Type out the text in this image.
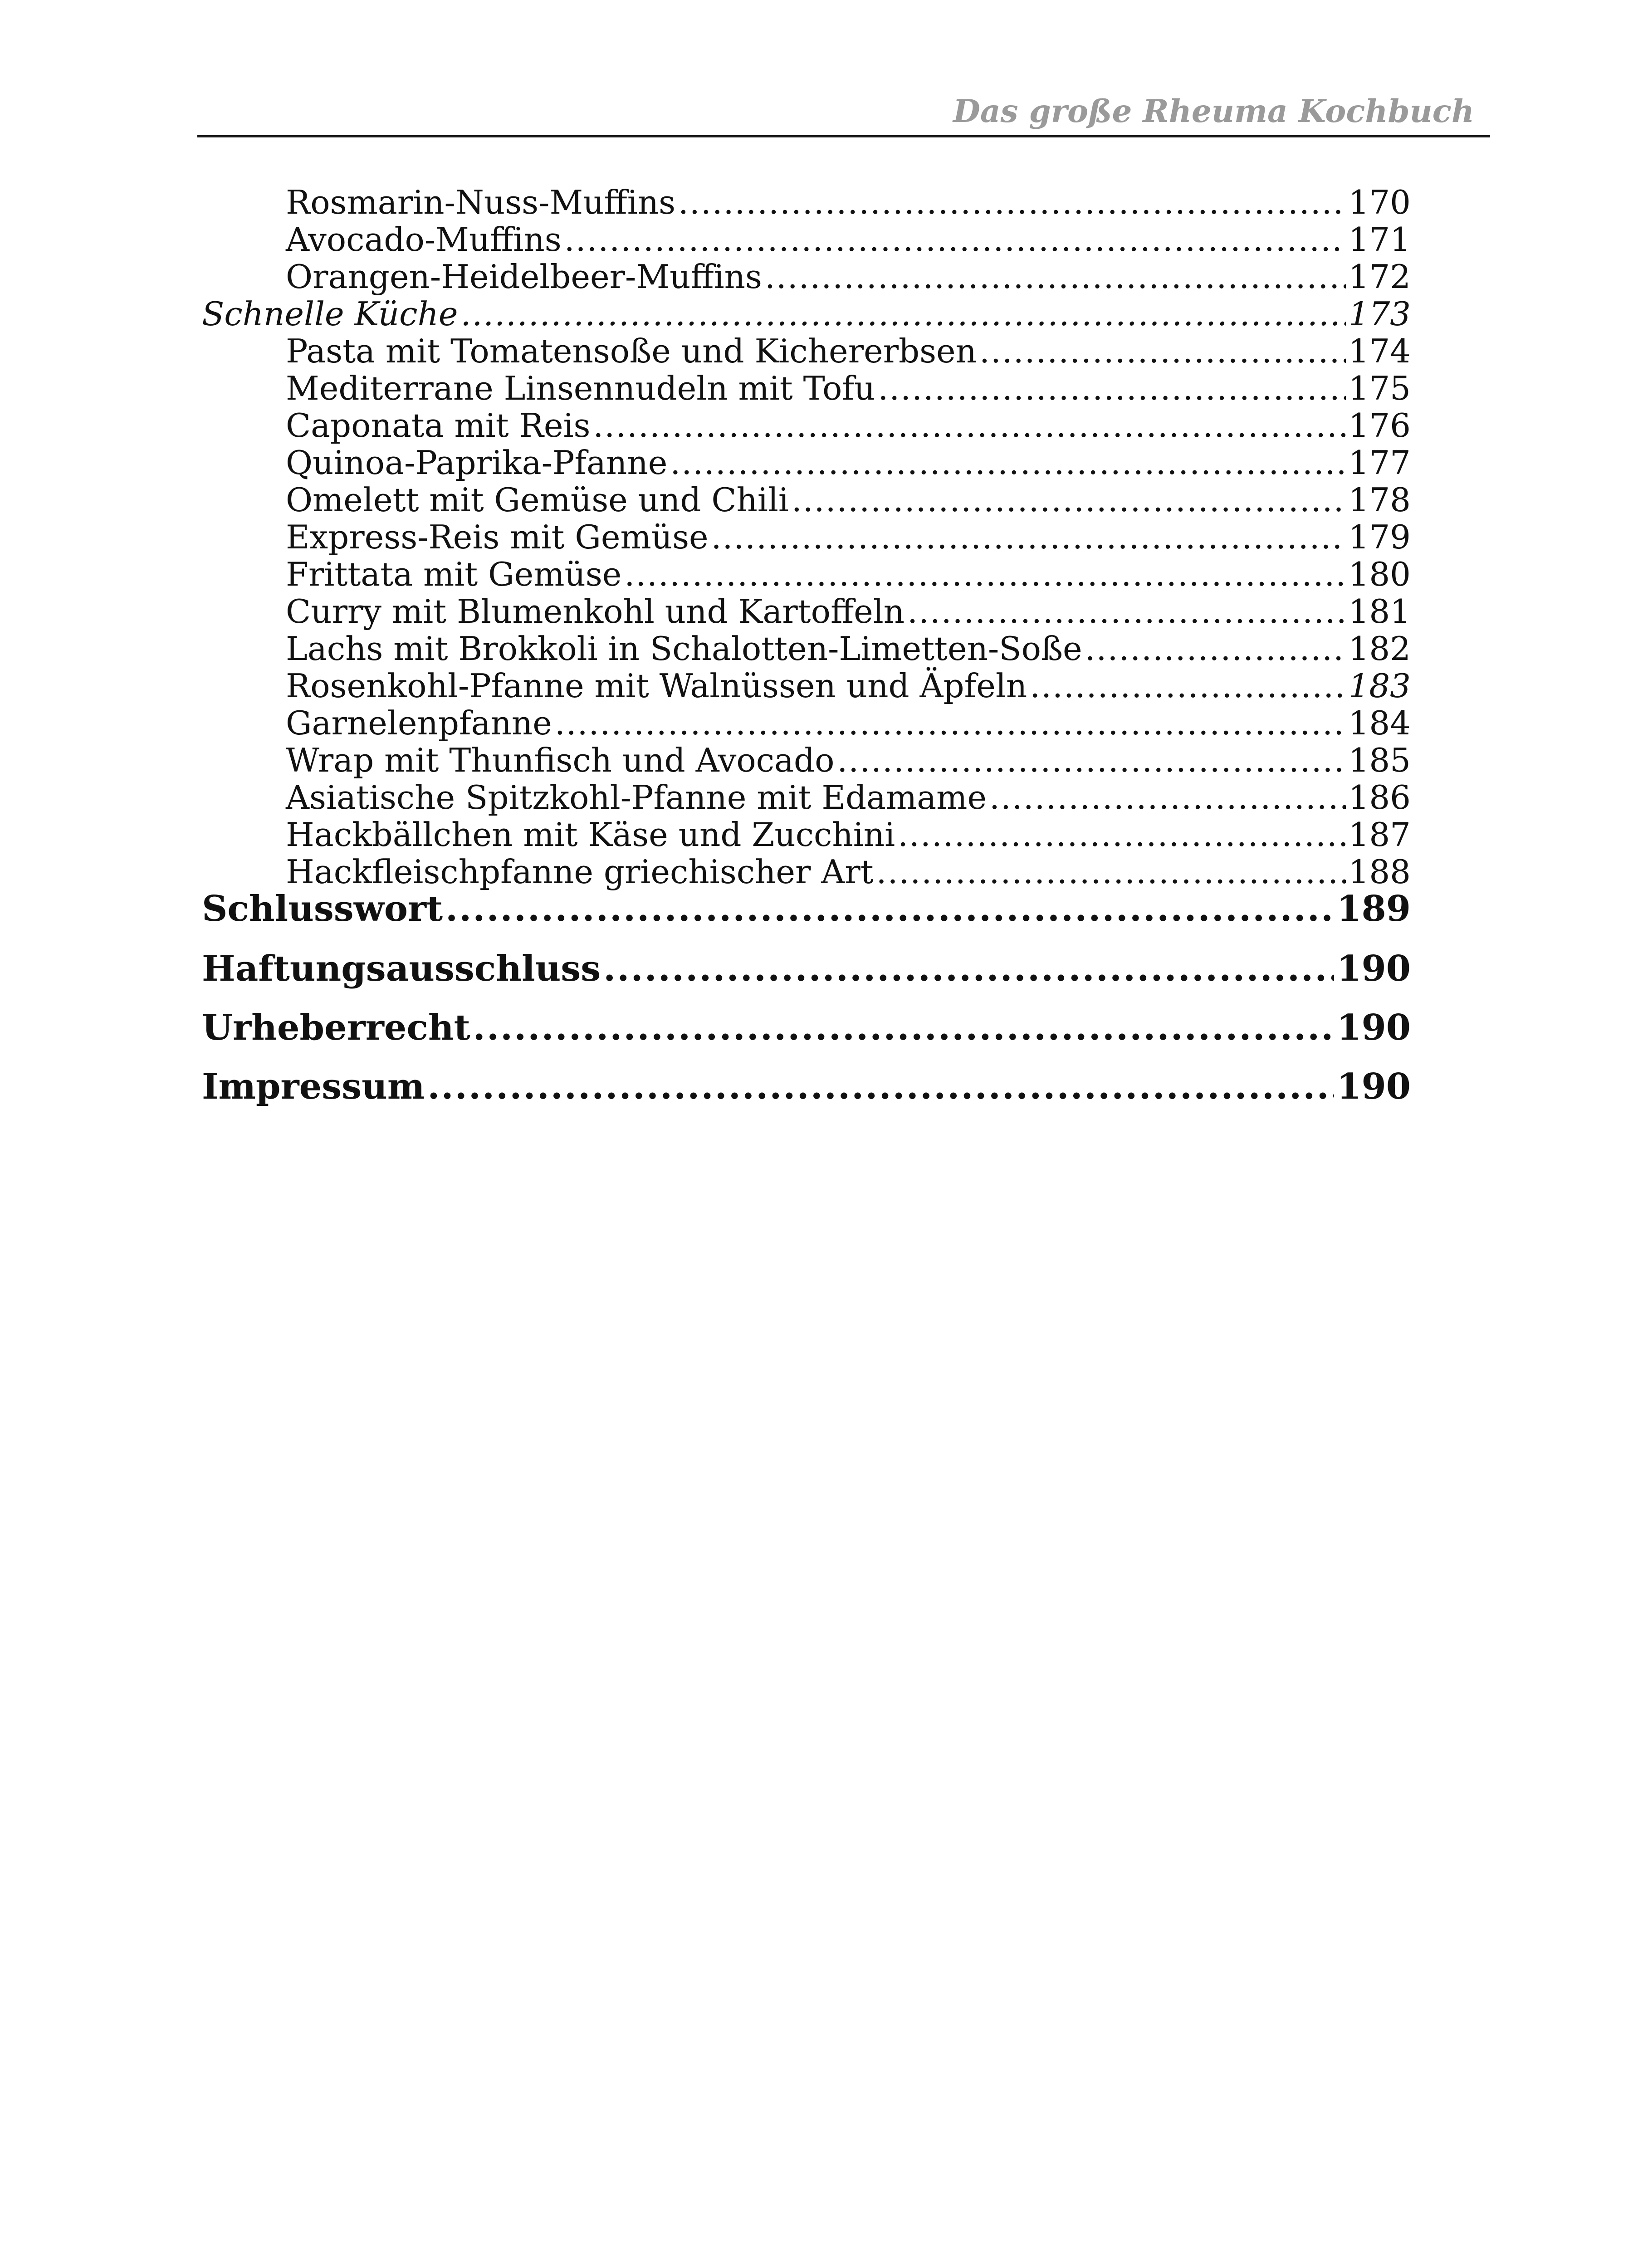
Das große Rheuma Kochbuch
Rosmarin-Nuss-Muffins .....	170
Avocado-Muffins .....	171
Orangen-Heidelbeer-Muffins .....	172
Schnelle Küche .....	173
Pasta mit Tomatensoße und Kichererbsen .....	174
Mediterrane Linsennudeln mit Tofu .....	175
Caponata mit Reis .....	176
Quinoa-Paprika-Pfanne .....	177
Omelett mit Gemüse und Chili .....	178
Express-Reis mit Gemüse .....	179
Frittata mit Gemüse .....	180
Curry mit Blumenkohl und Kartoffeln .....	181
Lachs mit Brokkoli in Schalotten-Limetten-Soße .....	182
Rosenkohl-Pfanne mit Walnüssen und Äpfeln .....	183
Garnelenpfanne .....	184
Wrap mit Thunfisch und Avocado .....	185
Asiatische Spitzkohl-Pfanne mit Edamame .....	186
Hackbällchen mit Käse und Zucchini .....	187
Hackfleischpfanne griechischer Art .....	188
Schlusswort .....	189
Haftungsausschluss .....	190
Urheberrecht .....	190
Impressum .....	190
